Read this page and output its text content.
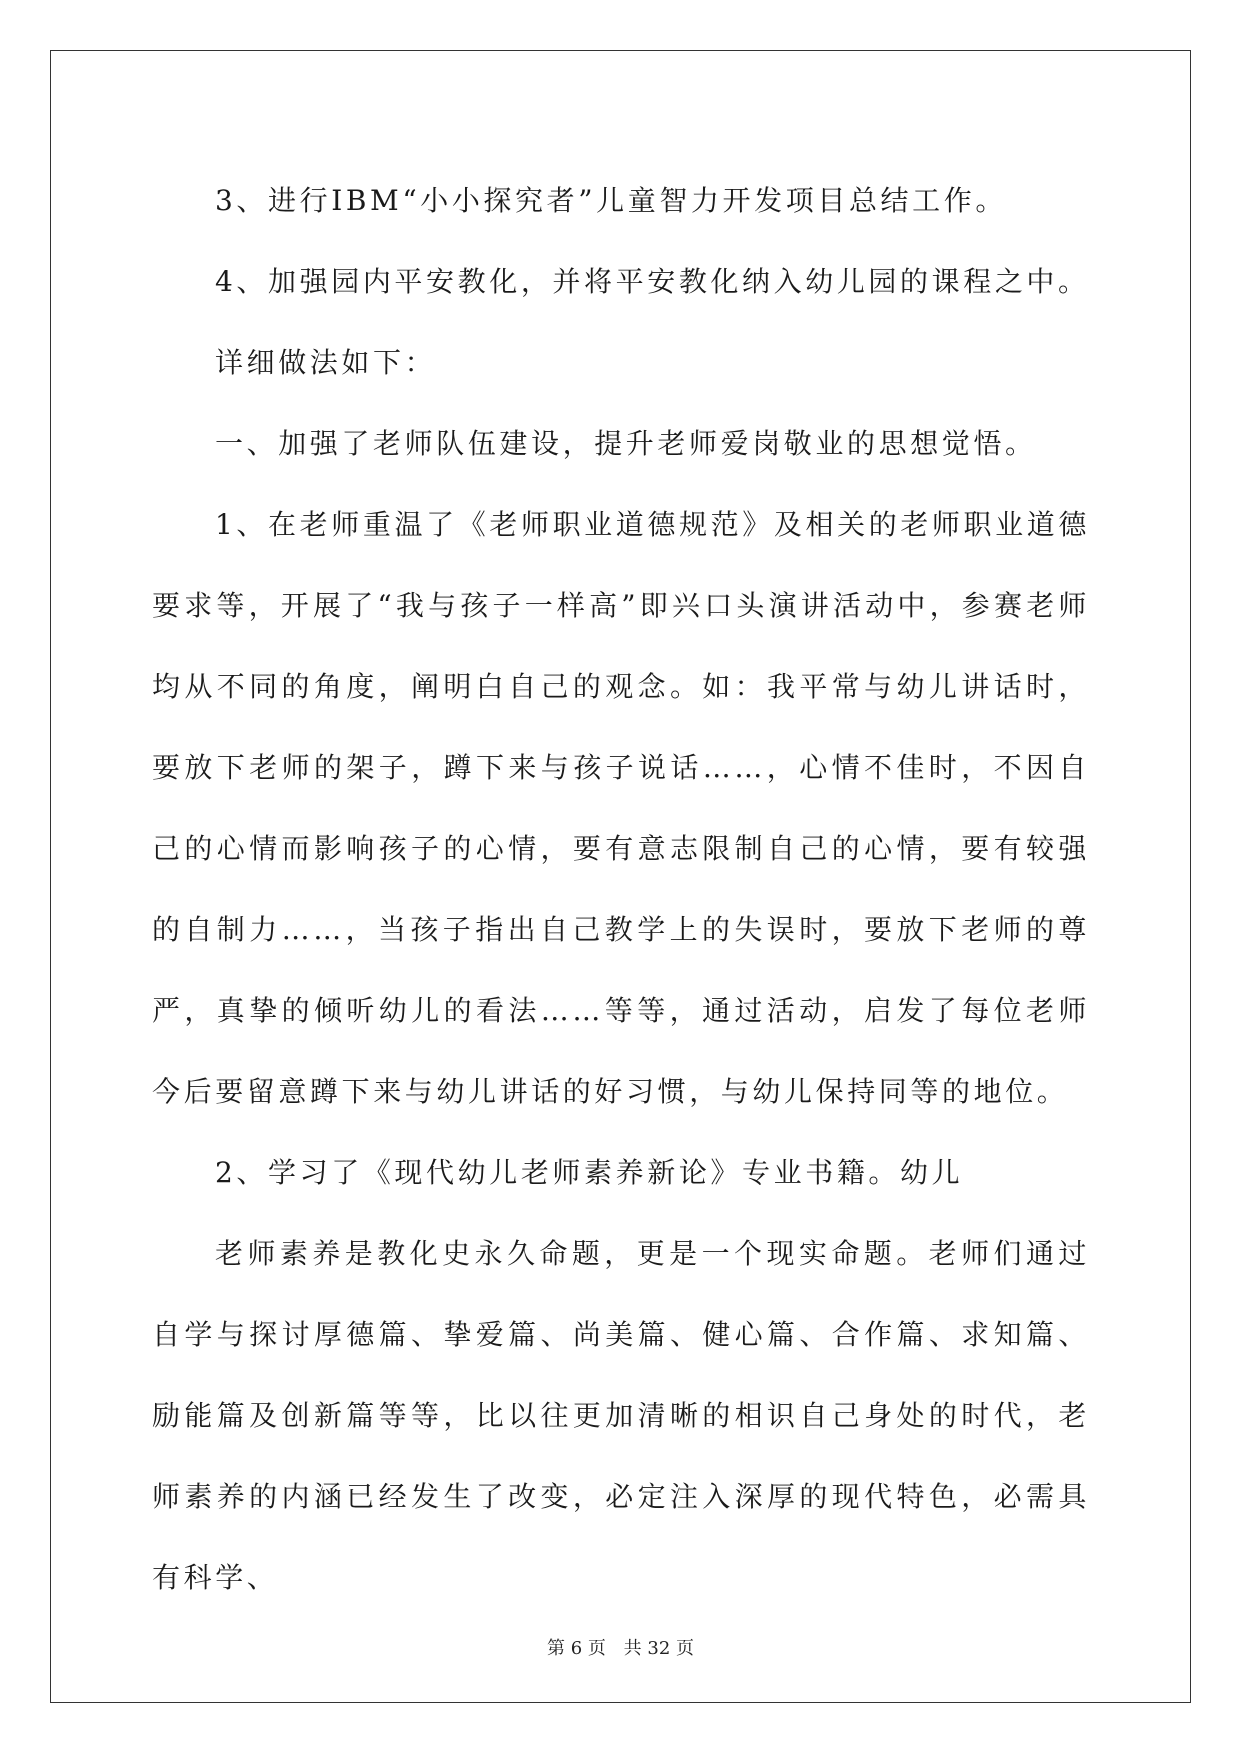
3、进行IBM“小小探究者”儿童智力开发项目总结工作。

4、加强园内平安教化，并将平安教化纳入幼儿园的课程之中。

详细做法如下：

一、加强了老师队伍建设，提升老师爱岗敬业的思想觉悟。

1、在老师重温了《老师职业道德规范》及相关的老师职业道德要求等，开展了“我与孩子一样高”即兴口头演讲活动中，参赛老师均从不同的角度，阐明白自己的观念。如：我平常与幼儿讲话时，要放下老师的架子，蹲下来与孩子说话……，心情不佳时，不因自己的心情而影响孩子的心情，要有意志限制自己的心情，要有较强的自制力……，当孩子指出自己教学上的失误时，要放下老师的尊严，真挚的倾听幼儿的看法……等等，通过活动，启发了每位老师今后要留意蹲下来与幼儿讲话的好习惯，与幼儿保持同等的地位。

2、学习了《现代幼儿老师素养新论》专业书籍。幼儿

老师素养是教化史永久命题，更是一个现实命题。老师们通过自学与探讨厚德篇、挚爱篇、尚美篇、健心篇、合作篇、求知篇、励能篇及创新篇等等，比以往更加清晰的相识自己身处的时代，老师素养的内涵已经发生了改变，必定注入深厚的现代特色，必需具有科学、

第 6 页 共 32 页
